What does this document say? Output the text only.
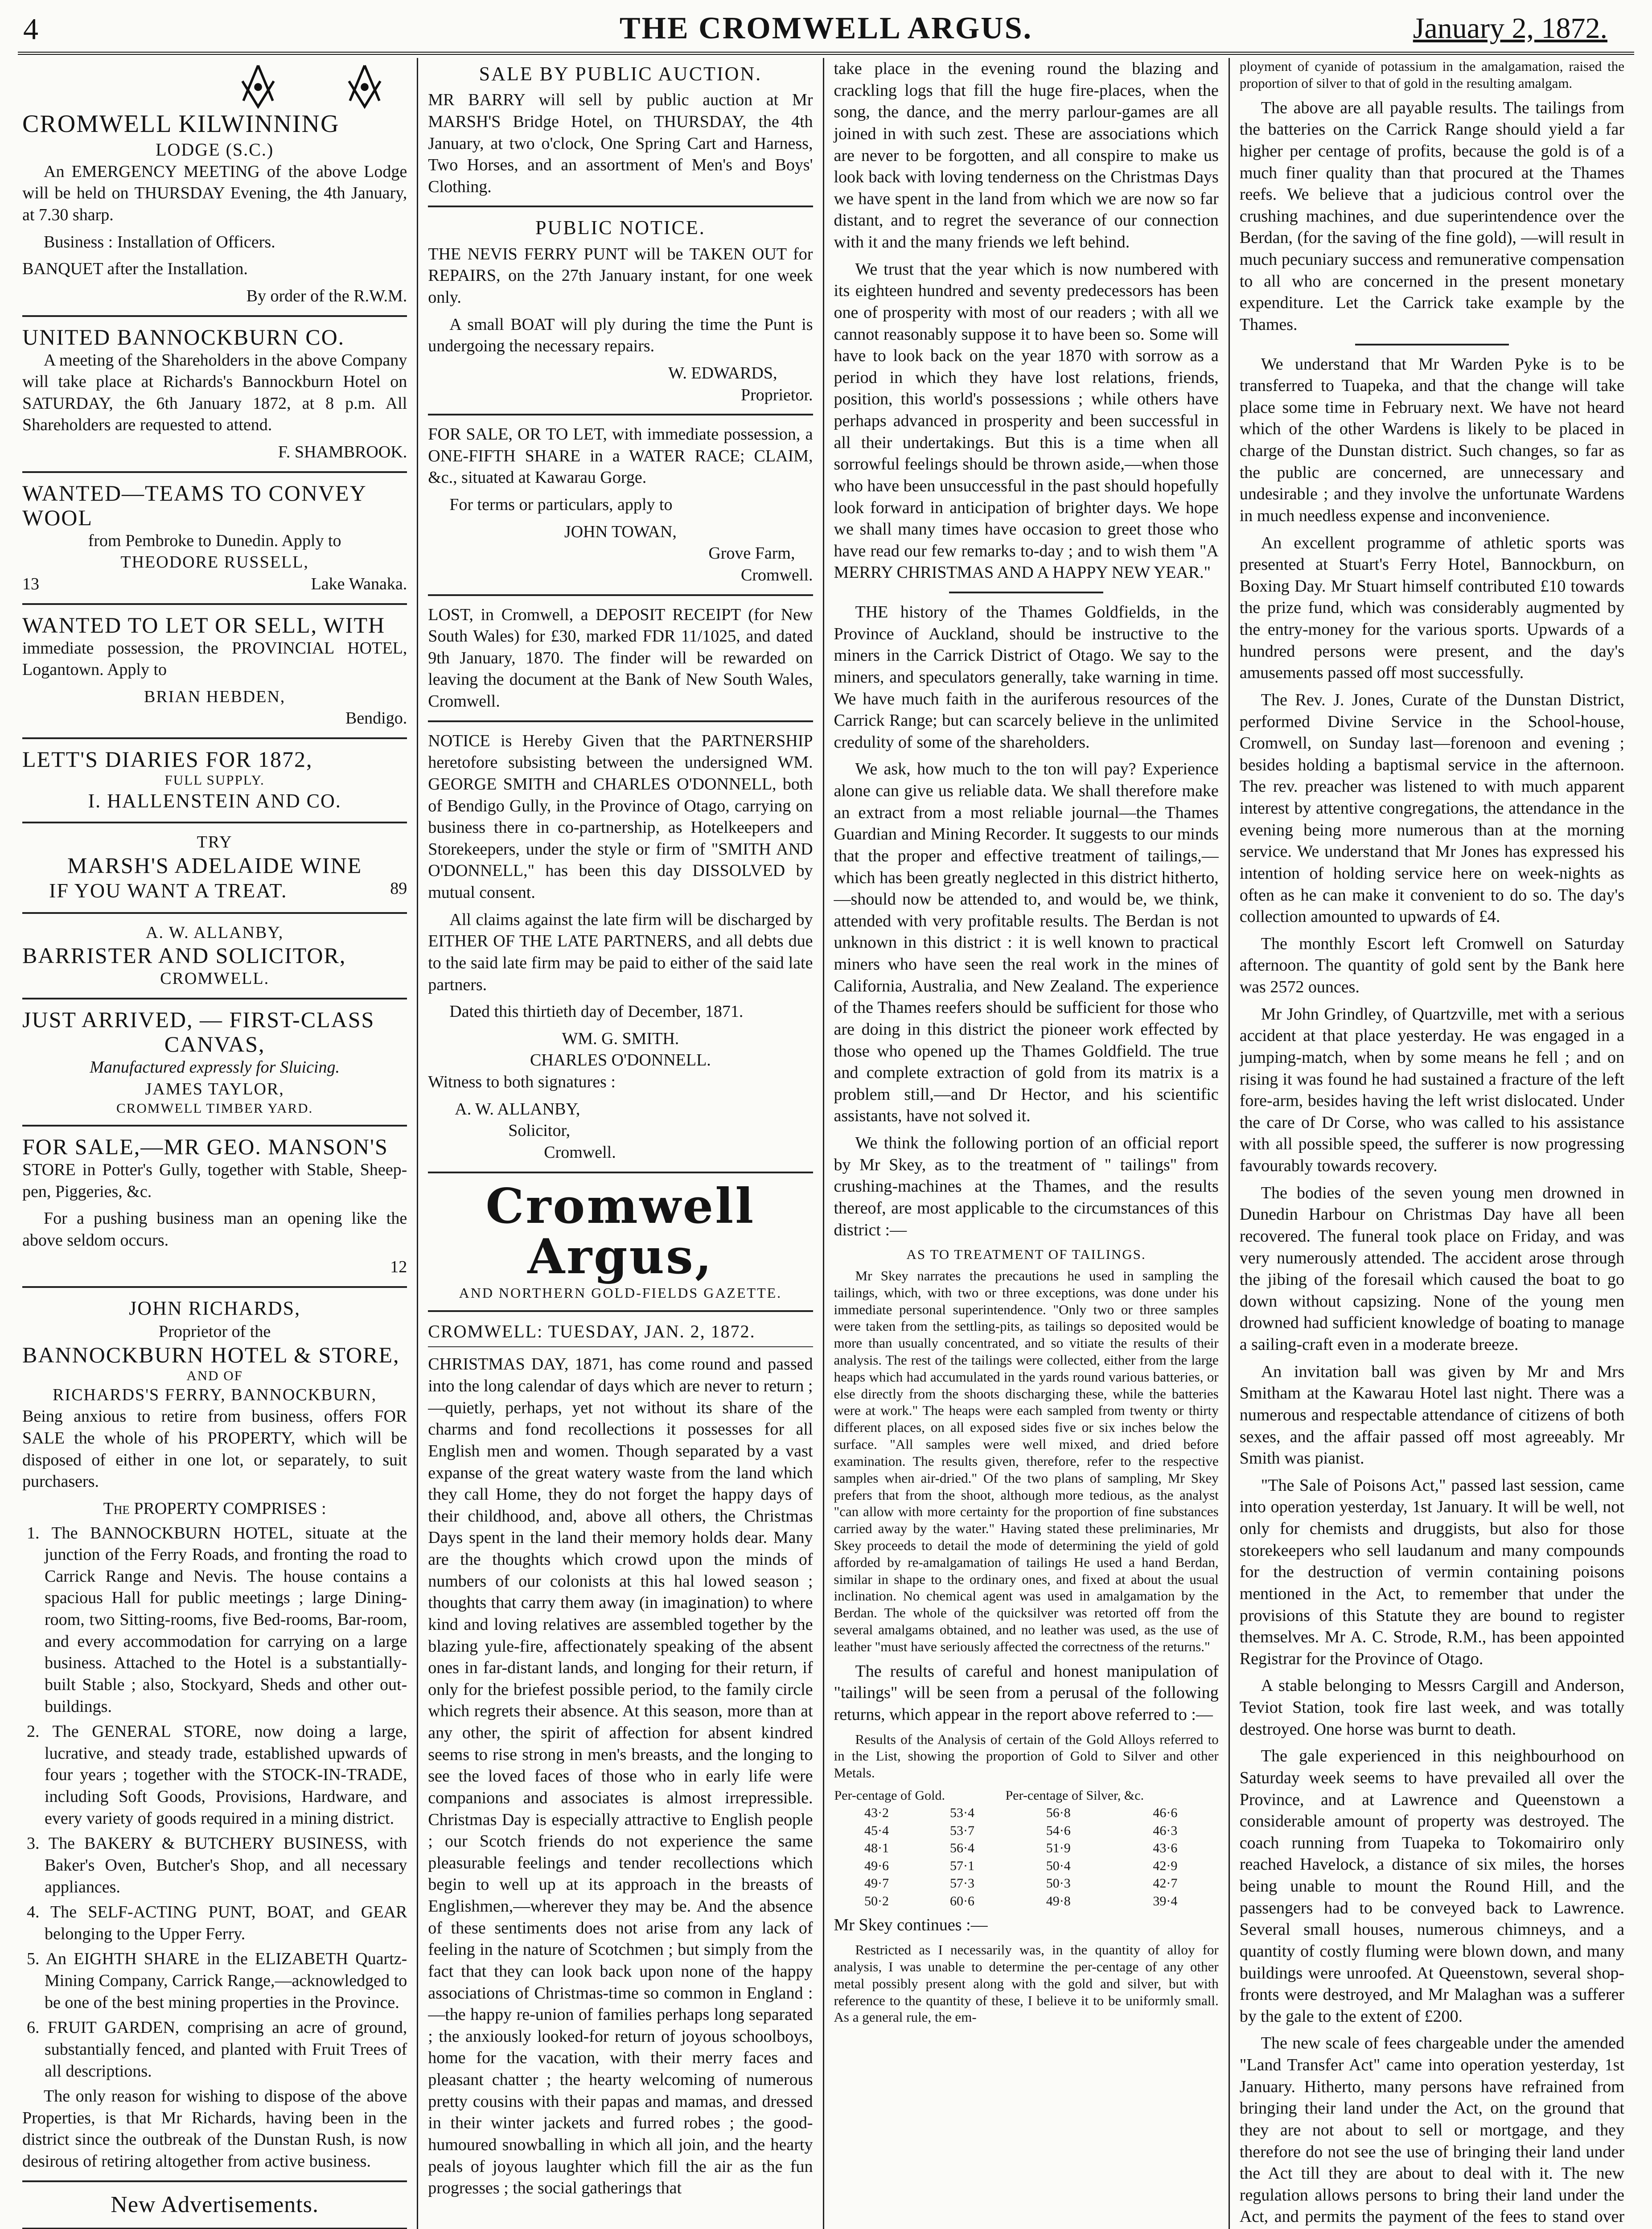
4	THE CROMWELL ARGUS.	January 2, 1872.

CROMWELL KILWINNING
LODGE (S.C.)

An EMERGENCY MEETING of the above Lodge will be held on THURSDAY Evening, the 4th January, at 7.30 sharp.

Business : Installation of Officers.

BANQUET after the Installation.

By order of the R.W.M.
UNITED BANNOCKBURN CO.

A meeting of the Shareholders in the above Company will take place at Richards's Bannockburn Hotel on SATURDAY, the 6th January 1872, at 8 p.m. All Shareholders are requested to attend.

F. SHAMBROOK.
WANTED—TEAMS TO CONVEY WOOL
from Pembroke to Dunedin. Apply to
THEODORE RUSSELL,
13	Lake Wanaka.
WANTED TO LET OR SELL, WITH

immediate possession, the PROVINCIAL HOTEL, Logantown. Apply to

BRIAN HEBDEN,
Bendigo.
LETT'S DIARIES FOR 1872,
FULL SUPPLY.
I. HALLENSTEIN AND CO.
TRY
MARSH'S ADELAIDE WINE
IF YOU WANT A TREAT.	89
A. W. ALLANBY,
BARRISTER AND SOLICITOR,
CROMWELL.
JUST ARRIVED, — FIRST-CLASS
CANVAS,
Manufactured expressly for Sluicing.
JAMES TAYLOR,
CROMWELL TIMBER YARD.
FOR SALE,—MR GEO. MANSON'S

STORE in Potter's Gully, together with Stable, Sheep-pen, Piggeries, &c.

For a pushing business man an opening like the above seldom occurs.

12
JOHN RICHARDS,
Proprietor of the
BANNOCKBURN HOTEL & STORE,
AND OF
RICHARDS'S FERRY, BANNOCKBURN,

Being anxious to retire from business, offers FOR SALE the whole of his PROPERTY, which will be disposed of either in one lot, or separately, to suit purchasers.

The PROPERTY COMPRISES :
1. The BANNOCKBURN HOTEL, situate at the junction of the Ferry Roads, and fronting the road to Carrick Range and Nevis. The house contains a spacious Hall for public meetings ; large Dining-room, two Sitting-rooms, five Bed-rooms, Bar-room, and every accommodation for carrying on a large business. Attached to the Hotel is a substantially-built Stable ; also, Stockyard, Sheds and other out-buildings.
2. The GENERAL STORE, now doing a large, lucrative, and steady trade, established upwards of four years ; together with the STOCK-IN-TRADE, including Soft Goods, Provisions, Hardware, and every variety of goods required in a mining district.
3. The BAKERY & BUTCHERY BUSINESS, with Baker's Oven, Butcher's Shop, and all necessary appliances.
4. The SELF-ACTING PUNT, BOAT, and GEAR belonging to the Upper Ferry.
5. An EIGHTH SHARE in the ELIZABETH Quartz-Mining Company, Carrick Range,—acknowledged to be one of the best mining properties in the Province.
6. FRUIT GARDEN, comprising an acre of ground, substantially fenced, and planted with Fruit Trees of all descriptions.

The only reason for wishing to dispose of the above Properties, is that Mr Richards, having been in the district since the outbreak of the Dunstan Rush, is now desirous of retiring altogether from active business.

New Advertisements.

SALE BY PUBLIC AUCTION.

MR BARRY will sell by public auction at Mr MARSH'S Bridge Hotel, on THURSDAY, the 4th January, at two o'clock, One Spring Cart and Harness, Two Horses, and an assortment of Men's and Boys' Clothing.

PUBLIC NOTICE.

THE NEVIS FERRY PUNT will be TAKEN OUT for REPAIRS, on the 27th January instant, for one week only.

A small BOAT will ply during the time the Punt is undergoing the necessary repairs.

W. EDWARDS,
Proprietor.

FOR SALE, OR TO LET, with immediate possession, a ONE-FIFTH SHARE in a WATER RACE; CLAIM, &c., situated at Kawarau Gorge.

For terms or particulars, apply to

JOHN TOWAN,
Grove Farm,
Cromwell.

LOST, in Cromwell, a DEPOSIT RECEIPT (for New South Wales) for £30, marked FDR 11/1025, and dated 9th January, 1870. The finder will be rewarded on leaving the document at the Bank of New South Wales, Cromwell.

NOTICE is Hereby Given that the PARTNERSHIP heretofore subsisting between the undersigned WM. GEORGE SMITH and CHARLES O'DONNELL, both of Bendigo Gully, in the Province of Otago, carrying on business there in co-partnership, as Hotelkeepers and Storekeepers, under the style or firm of "SMITH AND O'DONNELL," has been this day DISSOLVED by mutual consent.

All claims against the late firm will be discharged by EITHER OF THE LATE PARTNERS, and all debts due to the said late firm may be paid to either of the said late partners.

Dated this thirtieth day of December, 1871.

WM. G. SMITH.
CHARLES O'DONNELL.

Witness to both signatures :

A. W. ALLANBY,
Solicitor,
Cromwell.
Cromwell Argus,
AND NORTHERN GOLD-FIELDS GAZETTE.
CROMWELL: TUESDAY, JAN. 2, 1872.

CHRISTMAS DAY, 1871, has come round and passed into the long calendar of days which are never to return ;—quietly, perhaps, yet not without its share of the charms and fond recollections it possesses for all English men and women. Though separated by a vast expanse of the great watery waste from the land which they call Home, they do not forget the happy days of their childhood, and, above all others, the Christmas Days spent in the land their memory holds dear. Many are the thoughts which crowd upon the minds of numbers of our colonists at this hal lowed season ; thoughts that carry them away (in imagination) to where kind and loving relatives are assembled together by the blazing yule-fire, affectionately speaking of the absent ones in far-distant lands, and longing for their return, if only for the briefest possible period, to the family circle which regrets their absence. At this season, more than at any other, the spirit of affection for absent kindred seems to rise strong in men's breasts, and the longing to see the loved faces of those who in early life were companions and associates is almost irrepressible. Christmas Day is especially attractive to English people ; our Scotch friends do not experience the same pleasurable feelings and tender recollections which begin to well up at its approach in the breasts of Englishmen,—wherever they may be. And the absence of these sentiments does not arise from any lack of feeling in the nature of Scotchmen ; but simply from the fact that they can look back upon none of the happy associations of Christmas-time so common in England :—the happy re-union of families perhaps long separated ; the anxiously looked-for return of joyous schoolboys, home for the vacation, with their merry faces and pleasant chatter ; the hearty welcoming of numerous pretty cousins with their papas and mamas, and dressed in their winter jackets and furred robes ; the good-humoured snowballing in which all join, and the hearty peals of joyous laughter which fill the air as the fun progresses ; the social gatherings that

take place in the evening round the blazing and crackling logs that fill the huge fire-places, when the song, the dance, and the merry parlour-games are all joined in with such zest. These are associations which are never to be forgotten, and all conspire to make us look back with loving tenderness on the Christmas Days we have spent in the land from which we are now so far distant, and to regret the severance of our connection with it and the many friends we left behind.

We trust that the year which is now numbered with its eighteen hundred and seventy predecessors has been one of prosperity with most of our readers ; with all we cannot reasonably suppose it to have been so. Some will have to look back on the year 1870 with sorrow as a period in which they have lost relations, friends, position, this world's possessions ; while others have perhaps advanced in prosperity and been successful in all their undertakings. But this is a time when all sorrowful feelings should be thrown aside,—when those who have been unsuccessful in the past should hopefully look forward in anticipation of brighter days. We hope we shall many times have occasion to greet those who have read our few remarks to-day ; and to wish them "A MERRY CHRISTMAS AND A HAPPY NEW YEAR."

THE history of the Thames Goldfields, in the Province of Auckland, should be instructive to the miners in the Carrick District of Otago. We say to the miners, and speculators generally, take warning in time. We have much faith in the auriferous resources of the Carrick Range; but can scarcely believe in the unlimited credulity of some of the shareholders.

We ask, how much to the ton will pay? Experience alone can give us reliable data. We shall therefore make an extract from a most reliable journal—the Thames Guardian and Mining Recorder. It suggests to our minds that the proper and effective treatment of tailings,—which has been greatly neglected in this district hitherto, —should now be attended to, and would be, we think, attended with very profitable results. The Berdan is not unknown in this district : it is well known to practical miners who have seen the real work in the mines of California, Australia, and New Zealand. The experience of the Thames reefers should be sufficient for those who are doing in this district the pioneer work effected by those who opened up the Thames Goldfield. The true and complete extraction of gold from its matrix is a problem still,—and Dr Hector, and his scientific assistants, have not solved it.

We think the following portion of an official report by Mr Skey, as to the treatment of " tailings" from crushing-machines at the Thames, and the results thereof, are most applicable to the circumstances of this district :—

AS TO TREATMENT OF TAILINGS.

Mr Skey narrates the precautions he used in sampling the tailings, which, with two or three exceptions, was done under his immediate personal superintendence. "Only two or three samples were taken from the settling-pits, as tailings so deposited would be more than usually concentrated, and so vitiate the results of their analysis. The rest of the tailings were collected, either from the large heaps which had accumulated in the yards round various batteries, or else directly from the shoots discharging these, while the batteries were at work." The heaps were each sampled from twenty or thirty different places, on all exposed sides five or six inches below the surface. "All samples were well mixed, and dried before examination. The results given, therefore, refer to the respective samples when air-dried." Of the two plans of sampling, Mr Skey prefers that from the shoot, although more tedious, as the analyst "can allow with more certainty for the proportion of fine substances carried away by the water." Having stated these preliminaries, Mr Skey proceeds to detail the mode of determining the yield of gold afforded by re-amalgamation of tailings He used a hand Berdan, similar in shape to the ordinary ones, and fixed at about the usual inclination. No chemical agent was used in amalgamation by the Berdan. The whole of the quicksilver was retorted off from the several amalgams obtained, and no leather was used, as the use of leather "must have seriously affected the correctness of the returns."

The results of careful and honest manipulation of "tailings" will be seen from a perusal of the following returns, which appear in the report above referred to :—

Results of the Analysis of certain of the Gold Alloys referred to in the List, showing the proportion of Gold to Silver and other Metals.

Per-centage of Gold.		Per-centage of Silver, &c.	
43·2	53·4	56·8	46·6
45·4	53·7	54·6	46·3
48·1	56·4	51·9	43·6
49·6	57·1	50·4	42·9
49·7	57·3	50·3	42·7
50·2	60·6	49·8	39·4

Mr Skey continues :—

Restricted as I necessarily was, in the quantity of alloy for analysis, I was unable to determine the per-centage of any other metal possibly present along with the gold and silver, but with reference to the quantity of these, I believe it to be uniformly small. As a general rule, the em-

ployment of cyanide of potassium in the amalgamation, raised the proportion of silver to that of gold in the resulting amalgam.

The above are all payable results. The tailings from the batteries on the Carrick Range should yield a far higher per centage of profits, because the gold is of a much finer quality than that procured at the Thames reefs. We believe that a judicious control over the crushing machines, and due superintendence over the Berdan, (for the saving of the fine gold), —will result in much pecuniary success and remunerative compensation to all who are concerned in the present monetary expenditure. Let the Carrick take example by the Thames.

We understand that Mr Warden Pyke is to be transferred to Tuapeka, and that the change will take place some time in February next. We have not heard which of the other Wardens is likely to be placed in charge of the Dunstan district. Such changes, so far as the public are concerned, are unnecessary and undesirable ; and they involve the unfortunate Wardens in much needless expense and inconvenience.

An excellent programme of athletic sports was presented at Stuart's Ferry Hotel, Bannockburn, on Boxing Day. Mr Stuart himself contributed £10 towards the prize fund, which was considerably augmented by the entry-money for the various sports. Upwards of a hundred persons were present, and the day's amusements passed off most successfully.

The Rev. J. Jones, Curate of the Dunstan District, performed Divine Service in the School-house, Cromwell, on Sunday last—forenoon and evening ; besides holding a baptismal service in the afternoon. The rev. preacher was listened to with much apparent interest by attentive congregations, the attendance in the evening being more numerous than at the morning service. We understand that Mr Jones has expressed his intention of holding service here on week-nights as often as he can make it convenient to do so. The day's collection amounted to upwards of £4.

The monthly Escort left Cromwell on Saturday afternoon. The quantity of gold sent by the Bank here was 2572 ounces.

Mr John Grindley, of Quartzville, met with a serious accident at that place yesterday. He was engaged in a jumping-match, when by some means he fell ; and on rising it was found he had sustained a fracture of the left fore-arm, besides having the left wrist dislocated. Under the care of Dr Corse, who was called to his assistance with all possible speed, the sufferer is now progressing favourably towards recovery.

The bodies of the seven young men drowned in Dunedin Harbour on Christmas Day have all been recovered. The funeral took place on Friday, and was very numerously attended. The accident arose through the jibing of the foresail which caused the boat to go down without capsizing. None of the young men drowned had sufficient knowledge of boating to manage a sailing-craft even in a moderate breeze.

An invitation ball was given by Mr and Mrs Smitham at the Kawarau Hotel last night. There was a numerous and respectable attendance of citizens of both sexes, and the affair passed off most agreeably. Mr Smith was pianist.

"The Sale of Poisons Act," passed last session, came into operation yesterday, 1st January. It will be well, not only for chemists and druggists, but also for those storekeepers who sell laudanum and many compounds for the destruction of vermin containing poisons mentioned in the Act, to remember that under the provisions of this Statute they are bound to register themselves. Mr A. C. Strode, R.M., has been appointed Registrar for the Province of Otago.

A stable belonging to Messrs Cargill and Anderson, Teviot Station, took fire last week, and was totally destroyed. One horse was burnt to death.

The gale experienced in this neighbourhood on Saturday week seems to have prevailed all over the Province, and at Lawrence and Queenstown a considerable amount of property was destroyed. The coach running from Tuapeka to Tokomairiro only reached Havelock, a distance of six miles, the horses being unable to mount the Round Hill, and the passengers had to be conveyed back to Lawrence. Several small houses, numerous chimneys, and a quantity of costly fluming were blown down, and many buildings were unroofed. At Queenstown, several shop-fronts were destroyed, and Mr Malaghan was a sufferer by the gale to the extent of £200.

The new scale of fees chargeable under the amended "Land Transfer Act" came into operation yesterday, 1st January. Hitherto, many persons have refrained from bringing their land under the Act, on the ground that they are not about to sell or mortgage, and they therefore do not see the use of bringing their land under the Act till they are about to deal with it. The new regulation allows persons to bring their land under the Act, and permits the payment of the fees to stand over
